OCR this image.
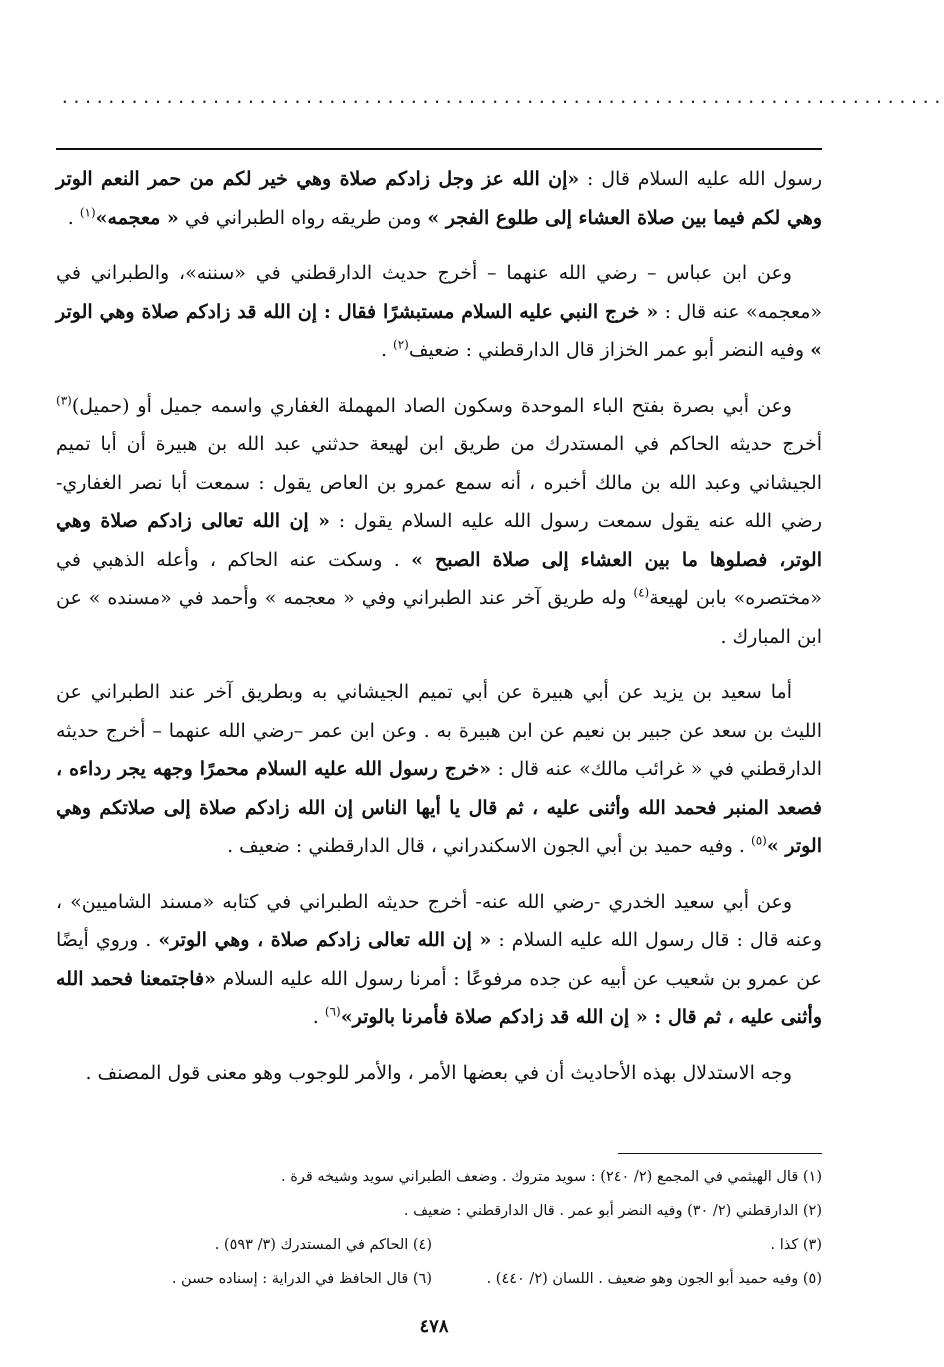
............................................................................

رسول الله عليه السلام قال : «إن الله عز وجل زادكم صلاة وهي خير لكم من حمر النعم الوتر وهي لكم فيما بين صلاة العشاء إلى طلوع الفجر » ومن طريقه رواه الطبراني في « معجمه»$^{(١)}$ .

وعن ابن عباس – رضي الله عنهما – أخرج حديث الدارقطني في «سننه»، والطبراني في «معجمه» عنه قال : « خرج النبي عليه السلام مستبشرًا فقال : إن الله قد زادكم صلاة وهي الوتر » وفيه النضر أبو عمر الخزاز قال الدارقطني : ضعيف$^{(٢)}$ .

وعن أبي بصرة بفتح الباء الموحدة وسكون الصاد المهملة الغفاري واسمه جميل أو (حميل)$^{(٣)}$ أخرج حديثه الحاكم في المستدرك من طريق ابن لهيعة حدثني عبد الله بن هبيرة أن أبا تميم الجيشاني وعبد الله بن مالك أخبره ، أنه سمع عمرو بن العاص يقول : سمعت أبا نصر الغفاري- رضي الله عنه يقول سمعت رسول الله عليه السلام يقول : « إن الله تعالى زادكم صلاة وهي الوتر، فصلوها ما بين العشاء إلى صلاة الصبح » . وسكت عنه الحاكم ، وأعله الذهبي في «مختصره» بابن لهيعة$^{(٤)}$ وله طريق آخر عند الطبراني وفي « معجمه » وأحمد في «مسنده » عن ابن المبارك .

أما سعيد بن يزيد عن أبي هبيرة عن أبي تميم الجيشاني به وبطريق آخر عند الطبراني عن الليث بن سعد عن جبير بن نعيم عن ابن هبيرة به . وعن ابن عمر –رضي الله عنهما – أخرج حديثه الدارقطني في « غرائب مالك» عنه قال : «خرج رسول الله عليه السلام محمرًا وجهه يجر رداءه ، فصعد المنبر فحمد الله وأثنى عليه ، ثم قال يا أيها الناس إن الله زادكم صلاة إلى صلاتكم وهي الوتر »$^{(٥)}$ . وفيه حميد بن أبي الجون الاسكندراني ، قال الدارقطني : ضعيف .

وعن أبي سعيد الخدري -رضي الله عنه- أخرج حديثه الطبراني في كتابه «مسند الشاميين» ، وعنه قال : قال رسول الله عليه السلام : « إن الله تعالى زادكم صلاة ، وهي الوتر» . وروي أيضًا عن عمرو بن شعيب عن أبيه عن جده مرفوعًا : أمرنا رسول الله عليه السلام «فاجتمعنا فحمد الله وأثنى عليه ، ثم قال : « إن الله قد زادكم صلاة فأمرنا بالوتر»$^{(٦)}$ .

وجه الاستدلال بهذه الأحاديث أن في بعضها الأمر ، والأمر للوجوب وهو معنى قول المصنف .

(١) قال الهيثمي في المجمع (٢/ ٢٤٠) : سويد متروك . وضعف الطبراني سويد وشيخه قرة .
(٢) الدارقطني (٢/ ٣٠) وفيه النضر أبو عمر . قال الدارقطني : ضعيف .
(٣) كذا .
(٤) الحاكم في المستدرك (٣/ ٥٩٣) .
(٥) وفيه حميد أبو الجون وهو ضعيف . اللسان (٢/ ٤٤٠) .
(٦) قال الحافظ في الدراية : إسناده حسن .
٤٧٨
